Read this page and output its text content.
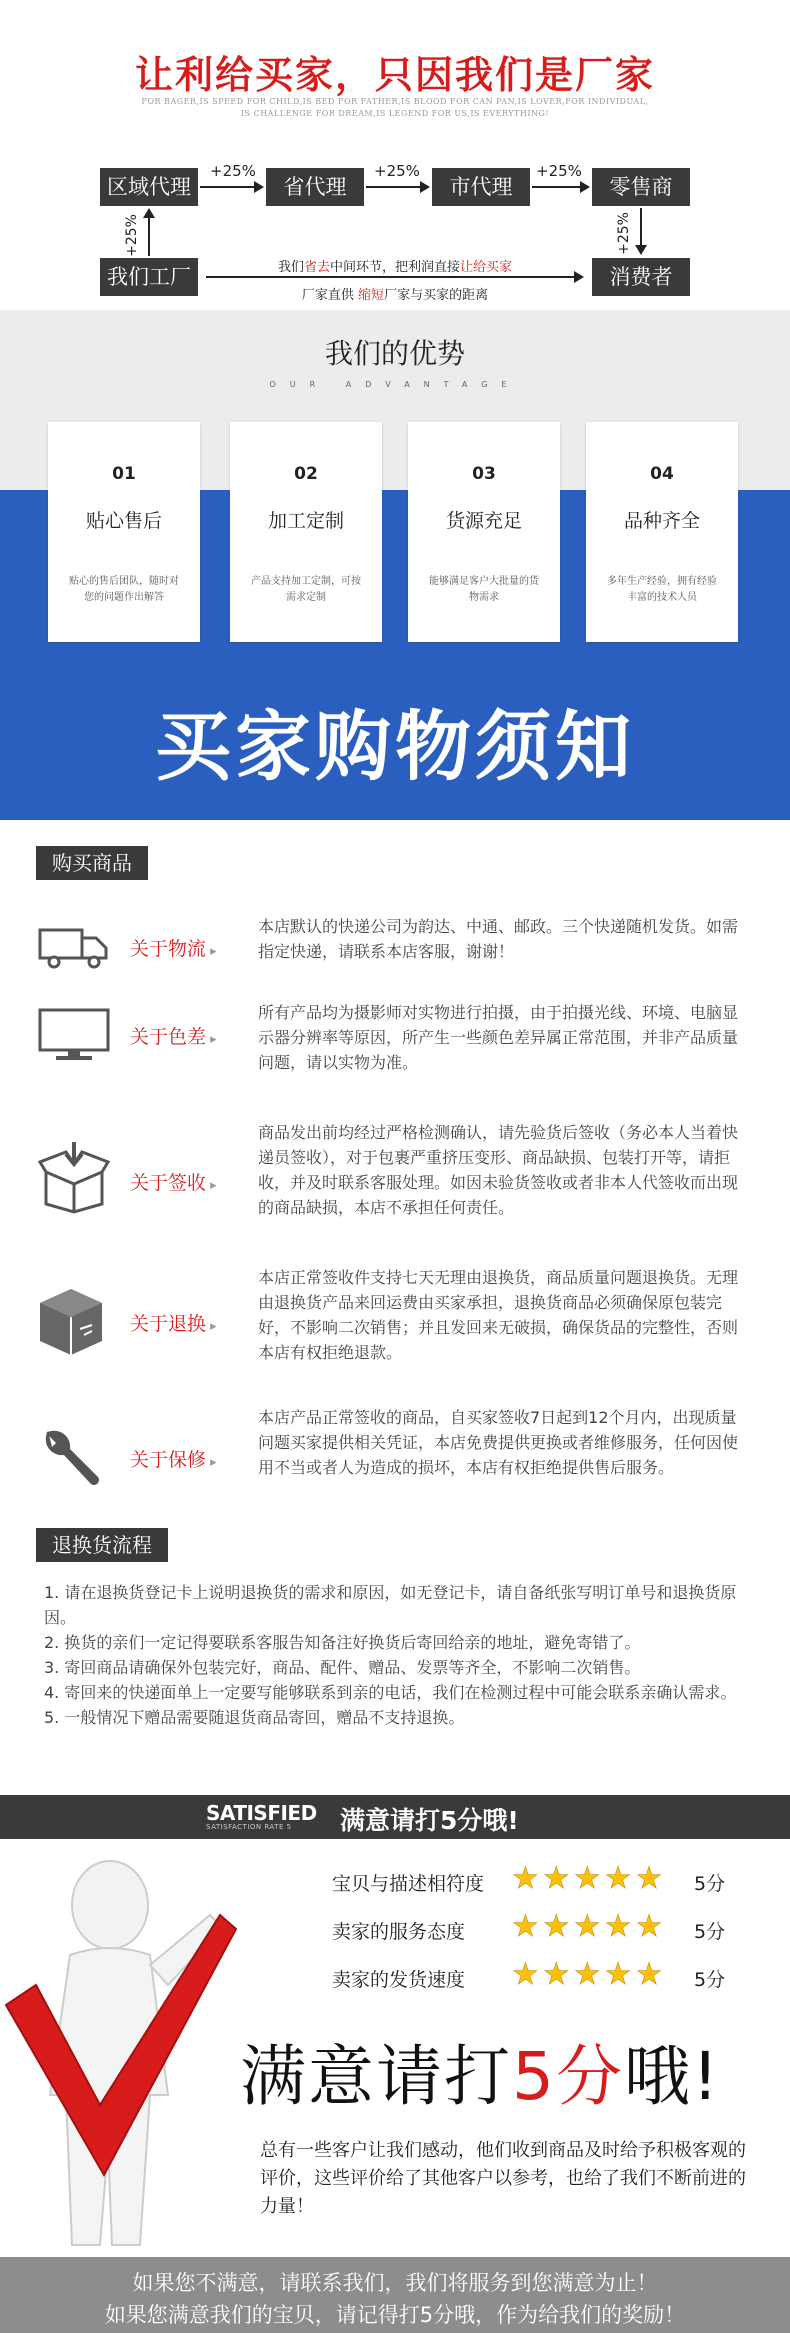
让利给买家，只因我们是厂家
FOR BAGER,IS SPEED FOR CHILD,IS BED FOR FATHER,IS BLOOD FOR CAN PAN,IS LOVER,FOR INDIVIDUAL,
IS CHALLENGE FOR DREAM,IS LEGEND FOR US,IS EVERYTHING!
区域代理	省代理	市代理	零售商
+25%	+25%	+25%
我们工厂	消费者
+25%	+25%
我们省去中间环节，把利润直接让给买家
厂家直供 缩短厂家与买家的距离
我们的优势
OUR ADVANTAGE
01
贴心售后
贴心的售后团队，随时对您的问题作出解答
02
加工定制
产品支持加工定制，可按需求定制
03
货源充足
能够满足客户大批量的货物需求
04
品种齐全
多年生产经验，拥有经验丰富的技术人员
买家购物须知
购买商品
关于物流 ▸
本店默认的快递公司为韵达、中通、邮政。三个快递随机发货。如需指定快递，请联系本店客服，谢谢！
关于色差 ▸
所有产品均为摄影师对实物进行拍摄，由于拍摄光线、环境、电脑显示器分辨率等原因，所产生一些颜色差异属正常范围，并非产品质量问题，请以实物为准。
关于签收 ▸
商品发出前均经过严格检测确认，请先验货后签收（务必本人当着快递员签收），对于包裹严重挤压变形、商品缺损、包装打开等，请拒收，并及时联系客服处理。如因未验货签收或者非本人代签收而出现的商品缺损，本店不承担任何责任。
关于退换 ▸
本店正常签收件支持七天无理由退换货，商品质量问题退换货。无理由退换货产品来回运费由买家承担，退换货商品必须确保原包装完好，不影响二次销售；并且发回来无破损，确保货品的完整性，否则本店有权拒绝退款。
关于保修 ▸
本店产品正常签收的商品，自买家签收7日起到12个月内，出现质量问题买家提供相关凭证，本店免费提供更换或者维修服务，任何因使用不当或者人为造成的损坏，本店有权拒绝提供售后服务。
退换货流程
1. 请在退换货登记卡上说明退换货的需求和原因，如无登记卡，请自备纸张写明订单号和退换货原因。
2. 换货的亲们一定记得要联系客服告知备注好换货后寄回给亲的地址，避免寄错了。
3. 寄回商品请确保外包装完好，商品、配件、赠品、发票等齐全，不影响二次销售。
4. 寄回来的快递面单上一定要写能够联系到亲的电话，我们在检测过程中可能会联系亲确认需求。
5. 一般情况下赠品需要随退货商品寄回，赠品不支持退换。
SATISFIED
SATISFACTION RATE 5 满意请打5分哦!
宝贝与描述相符度 ★★★★★ 5分
卖家的服务态度 ★★★★★ 5分
卖家的发货速度 ★★★★★ 5分
满意请打5分哦!
总有一些客户让我们感动，他们收到商品及时给予积极客观的评价，这些评价给了其他客户以参考，也给了我们不断前进的力量！
如果您不满意，请联系我们，我们将服务到您满意为止！
如果您满意我们的宝贝，请记得打5分哦，作为给我们的奖励！
